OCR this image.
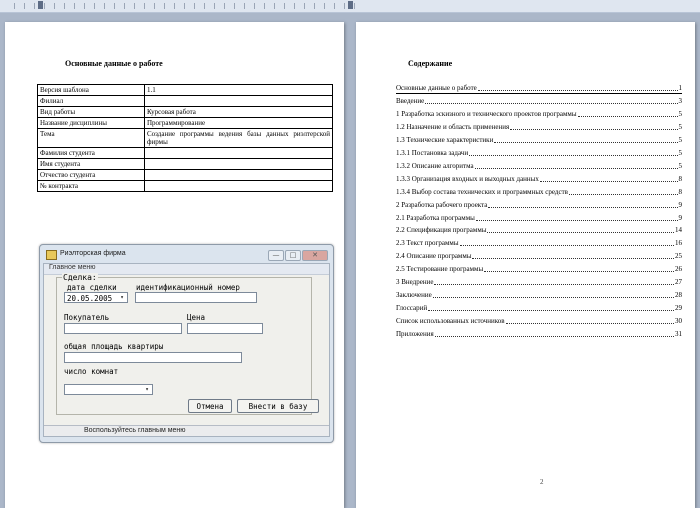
Основные данные о работе
Версия шаблона	1.1
Филиал	
Вид работы	Курсовая работа
Название дисциплины	Программирование
Тема	Создание программы ведения базы данных риэлтерской фирмы
Фамилия студента	
Имя студента	
Отчество студента	
№ контракта	
Риэлторская фирма	—	□	✕
Главное меню
Сделка:
дата сделки	идентификационный номер
20.05.2005	▾
Покупатель	Цена
общая площадь квартиры
число комнат
▾
Отмена	Внести в базу
Воспользуйтесь главным меню
Содержание
Основные данные о работе	1
Введение	3
1 Разработка эскизного и технического проектов программы	5
1.2 Назначение и область применения	5
1.3 Технические характеристики	5
1.3.1 Постановка задачи	5
1.3.2 Описание алгоритма	5
1.3.3 Организация входных и выходных данных	8
1.3.4 Выбор состава технических и программных средств	8
2 Разработка рабочего проекта	9
2.1 Разработка программы	9
2.2 Спецификация программы	14
2.3 Текст программы	16
2.4 Описание программы	25
2.5 Тестирование программы	26
3 Внедрение	27
Заключение	28
Глоссарий	29
Список использованных источников	30
Приложения	31
2
